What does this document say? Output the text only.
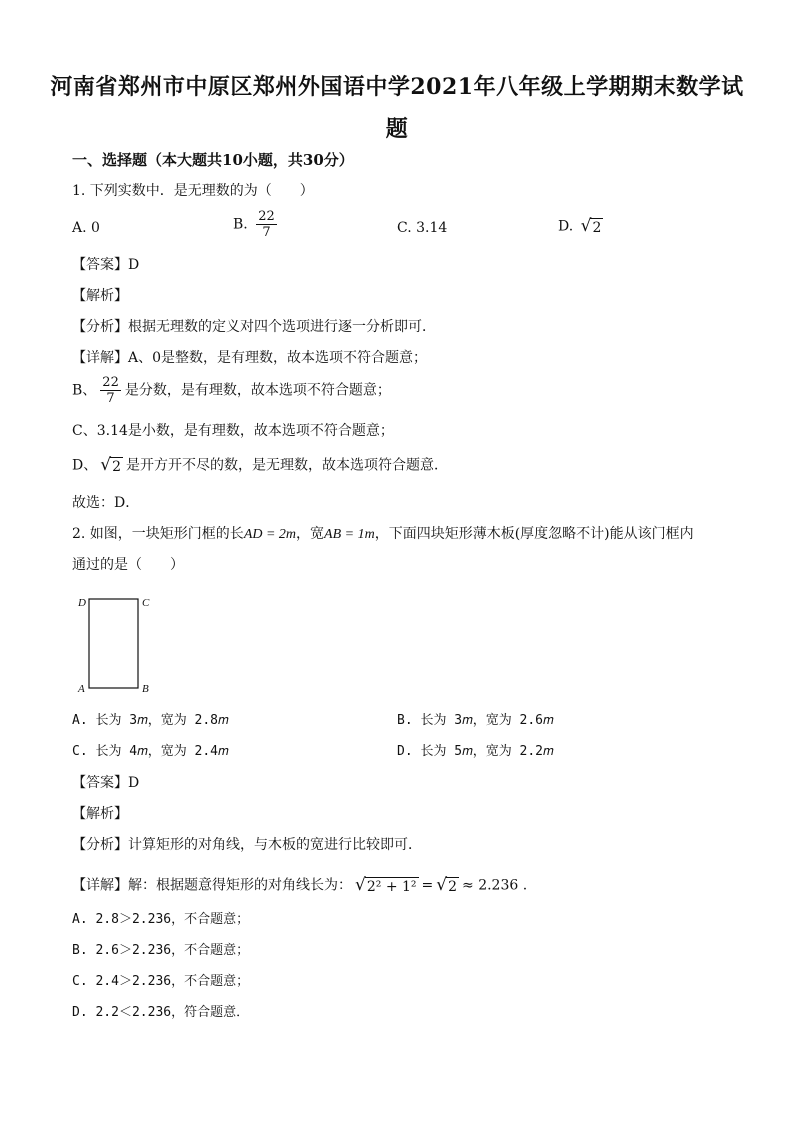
河南省郑州市中原区郑州外国语中学2021年八年级上学期期末数学试
题
一、选择题（本大题共10小题，共30分）
1. 下列实数中．是无理数的为（　　）
A. 0	B. $\frac{22}{7}$	C. 3.14	D. √ 2
【答案】D
【解析】
【分析】根据无理数的定义对四个选项进行逐一分析即可．
【详解】A、0是整数，是有理数，故本选项不符合题意；
B、 $\frac{22}{7}$ 是分数，是有理数，故本选项不符合题意；
C、3.14是小数，是有理数，故本选项不符合题意；
D、 √ 2 是开方开不尽的数，是无理数，故本选项符合题意．
故选：D．
2. 如图，一块矩形门框的长AD = 2m，宽AB = 1m，下面四块矩形薄木板(厚度忽略不计)能从该门框内
通过的是（　　）
D	C
A	B
A. 长为 3𝑚，宽为 2.8𝑚	B. 长为 3𝑚，宽为 2.6𝑚
C. 长为 4𝑚，宽为 2.4𝑚	D. 长为 5𝑚，宽为 2.2𝑚
【答案】D
【解析】
【分析】计算矩形的对角线，与木板的宽进行比较即可．
【详解】解：根据题意得矩形的对角线长为： √ 2² + 1² = √ 2 ≈ 2.236 .
A. 2.8＞2.236，不合题意；
B. 2.6＞2.236，不合题意；
C. 2.4＞2.236，不合题意；
D. 2.2＜2.236，符合题意．
